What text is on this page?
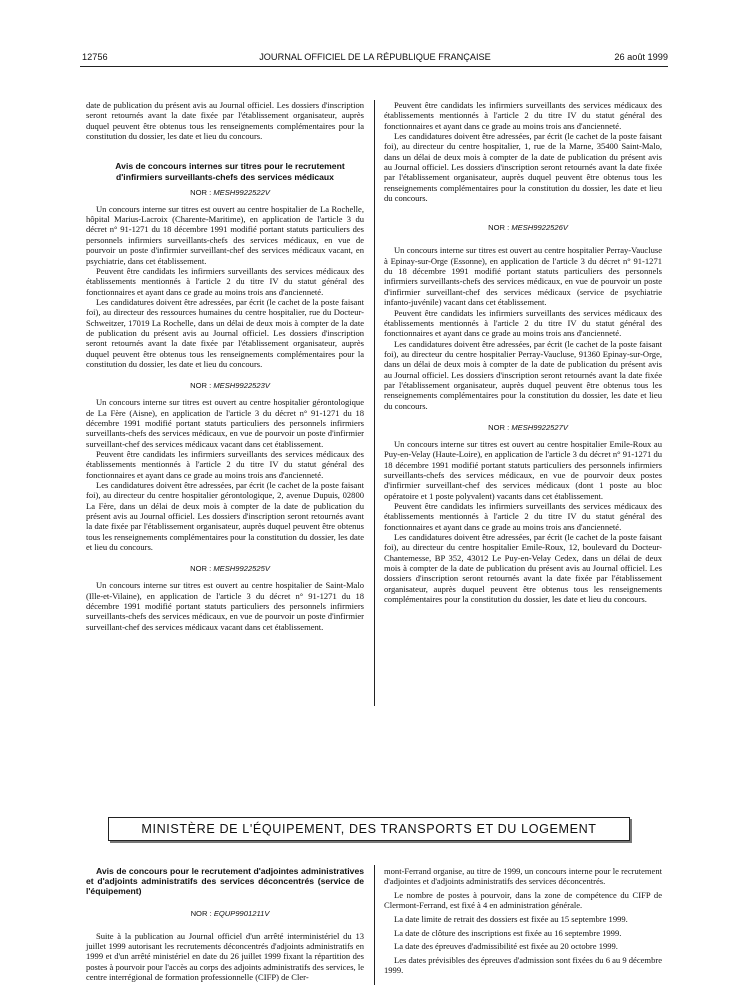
12756	JOURNAL OFFICIEL DE LA RÉPUBLIQUE FRANÇAISE	26 août 1999

date de publication du présent avis au Journal officiel. Les dossiers d'inscription seront retournés avant la date fixée par l'établissement organisateur, auprès duquel peuvent être obtenus tous les renseignements complémentaires pour la constitution du dossier, les date et lieu du concours.

Avis de concours internes sur titres pour le recrutement d'infirmiers surveillants-chefs des services médicaux

NOR : MESH9922522V

Un concours interne sur titres est ouvert au centre hospitalier de La Rochelle, hôpital Marius-Lacroix (Charente-Maritime), en application de l'article 3 du décret n° 91-1271 du 18 décembre 1991 modifié portant statuts particuliers des personnels infirmiers surveillants-chefs des services médicaux, en vue de pourvoir un poste d'infirmier surveillant-chef des services médicaux vacant, en psychiatrie, dans cet établissement.

Peuvent être candidats les infirmiers surveillants des services médicaux des établissements mentionnés à l'article 2 du titre IV du statut général des fonctionnaires et ayant dans ce grade au moins trois ans d'ancienneté.

Les candidatures doivent être adressées, par écrit (le cachet de la poste faisant foi), au directeur des ressources humaines du centre hospitalier, rue du Docteur-Schweitzer, 17019 La Rochelle, dans un délai de deux mois à compter de la date de publication du présent avis au Journal officiel. Les dossiers d'inscription seront retournés avant la date fixée par l'établissement organisateur, auprès duquel peuvent être obtenus tous les renseignements complémentaires pour la constitution du dossier, les date et lieu du concours.

NOR : MESH9922523V

Un concours interne sur titres est ouvert au centre hospitalier gérontologique de La Fère (Aisne), en application de l'article 3 du décret n° 91-1271 du 18 décembre 1991 modifié portant statuts particuliers des personnels infirmiers surveillants-chefs des services médicaux, en vue de pourvoir un poste d'infirmier surveillant-chef des services médicaux vacant dans cet établissement.

Peuvent être candidats les infirmiers surveillants des services médicaux des établissements mentionnés à l'article 2 du titre IV du statut général des fonctionnaires et ayant dans ce grade au moins trois ans d'ancienneté.

Les candidatures doivent être adressées, par écrit (le cachet de la poste faisant foi), au directeur du centre hospitalier gérontologique, 2, avenue Dupuis, 02800 La Fère, dans un délai de deux mois à compter de la date de publication du présent avis au Journal officiel. Les dossiers d'inscription seront retournés avant la date fixée par l'établissement organisateur, auprès duquel peuvent être obtenus tous les renseignements complémentaires pour la constitution du dossier, les date et lieu du concours.

NOR : MESH9922525V

Un concours interne sur titres est ouvert au centre hospitalier de Saint-Malo (Ille-et-Vilaine), en application de l'article 3 du décret n° 91-1271 du 18 décembre 1991 modifié portant statuts particuliers des personnels infirmiers surveillants-chefs des services médicaux, en vue de pourvoir un poste d'infirmier surveillant-chef des services médicaux vacant dans cet établissement.

Peuvent être candidats les infirmiers surveillants des services médicaux des établissements mentionnés à l'article 2 du titre IV du statut général des fonctionnaires et ayant dans ce grade au moins trois ans d'ancienneté.

Les candidatures doivent être adressées, par écrit (le cachet de la poste faisant foi), au directeur du centre hospitalier, 1, rue de la Marne, 35400 Saint-Malo, dans un délai de deux mois à compter de la date de publication du présent avis au Journal officiel. Les dossiers d'inscription seront retournés avant la date fixée par l'établissement organisateur, auprès duquel peuvent être obtenus tous les renseignements complémentaires pour la constitution du dossier, les date et lieu du concours.

NOR : MESH9922526V

Un concours interne sur titres est ouvert au centre hospitalier Perray-Vaucluse à Epinay-sur-Orge (Essonne), en application de l'article 3 du décret n° 91-1271 du 18 décembre 1991 modifié portant statuts particuliers des personnels infirmiers surveillants-chefs des services médicaux, en vue de pourvoir un poste d'infirmier surveillant-chef des services médicaux (service de psychiatrie infanto-juvénile) vacant dans cet établissement.

Peuvent être candidats les infirmiers surveillants des services médicaux des établissements mentionnés à l'article 2 du titre IV du statut général des fonctionnaires et ayant dans ce grade au moins trois ans d'ancienneté.

Les candidatures doivent être adressées, par écrit (le cachet de la poste faisant foi), au directeur du centre hospitalier Perray-Vaucluse, 91360 Epinay-sur-Orge, dans un délai de deux mois à compter de la date de publication du présent avis au Journal officiel. Les dossiers d'inscription seront retournés avant la date fixée par l'établissement organisateur, auprès duquel peuvent être obtenus tous les renseignements complémentaires pour la constitution du dossier, les date et lieu du concours.

NOR : MESH9922527V

Un concours interne sur titres est ouvert au centre hospitalier Emile-Roux au Puy-en-Velay (Haute-Loire), en application de l'article 3 du décret n° 91-1271 du 18 décembre 1991 modifié portant statuts particuliers des personnels infirmiers surveillants-chefs des services médicaux, en vue de pourvoir deux postes d'infirmier surveillant-chef des services médicaux (dont 1 poste au bloc opératoire et 1 poste polyvalent) vacants dans cet établissement.

Peuvent être candidats les infirmiers surveillants des services médicaux des établissements mentionnés à l'article 2 du titre IV du statut général des fonctionnaires et ayant dans ce grade au moins trois ans d'ancienneté.

Les candidatures doivent être adressées, par écrit (le cachet de la poste faisant foi), au directeur du centre hospitalier Emile-Roux, 12, boulevard du Docteur-Chantemesse, BP 352, 43012 Le Puy-en-Velay Cedex, dans un délai de deux mois à compter de la date de publication du présent avis au Journal officiel. Les dossiers d'inscription seront retournés avant la date fixée par l'établissement organisateur, auprès duquel peuvent être obtenus tous les renseignements complémentaires pour la constitution du dossier, les date et lieu du concours.

MINISTÈRE DE L'ÉQUIPEMENT, DES TRANSPORTS ET DU LOGEMENT

Avis de concours pour le recrutement d'adjointes administratives et d'adjoints administratifs des services déconcentrés (service de l'équipement)

NOR : EQUP9901211V

Suite à la publication au Journal officiel d'un arrêté interministériel du 13 juillet 1999 autorisant les recrutements déconcentrés d'adjoints administratifs en 1999 et d'un arrêté ministériel en date du 26 juillet 1999 fixant la répartition des postes à pourvoir pour l'accès au corps des adjoints administratifs des services, le centre interrégional de formation professionnelle (CIFP) de Cler-

mont-Ferrand organise, au titre de 1999, un concours interne pour le recrutement d'adjointes et d'adjoints administratifs des services déconcentrés.

Le nombre de postes à pourvoir, dans la zone de compétence du CIFP de Clermont-Ferrand, est fixé à 4 en administration générale.

La date limite de retrait des dossiers est fixée au 15 septembre 1999.

La date de clôture des inscriptions est fixée au 16 septembre 1999.

La date des épreuves d'admissibilité est fixée au 20 octobre 1999.

Les dates prévisibles des épreuves d'admission sont fixées du 6 au 9 décembre 1999.
